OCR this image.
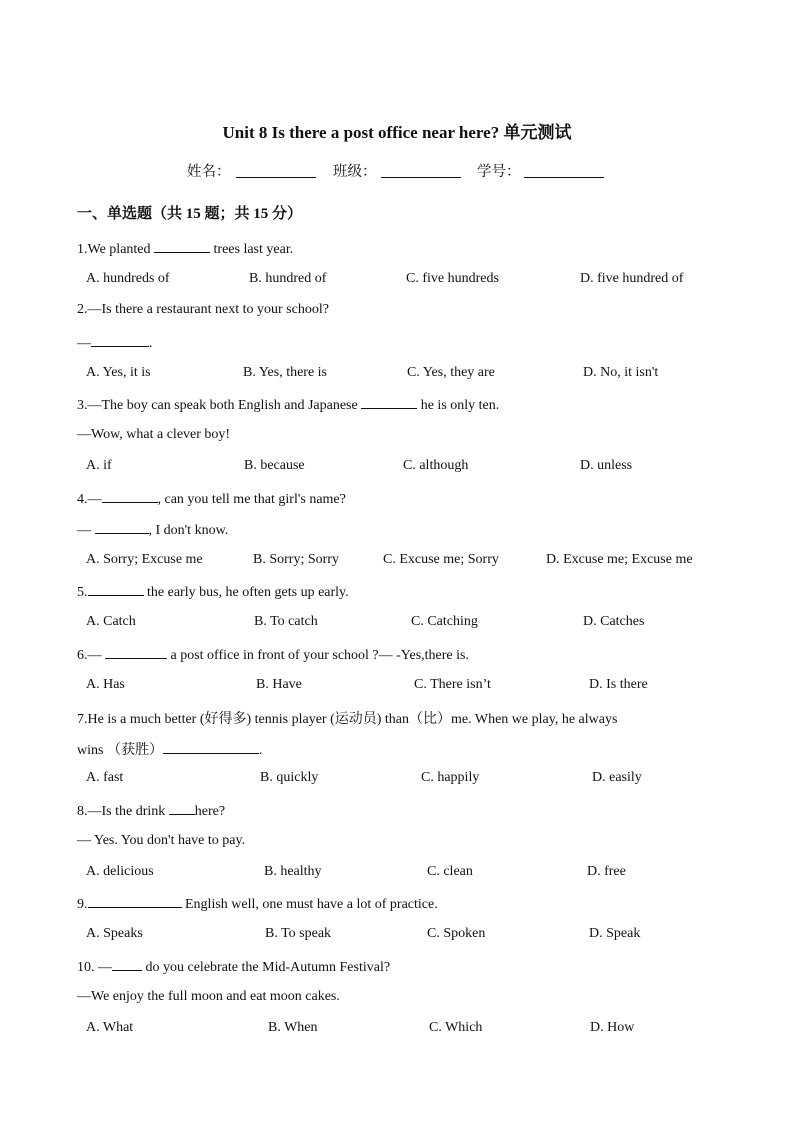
Unit 8 Is there a post office near here? 单元测试
姓名：	班级：	学号：
一、单选题（共 15 题；共 15 分）
1.We planted	trees last year.
A. hundreds of	B. hundred of	C. five hundreds	D. five hundred of
2.—Is there a restaurant next to your school?
—	.
A. Yes, it is	B. Yes, there is	C. Yes, they are	D. No, it isn't
3.—The boy can speak both English and Japanese	he is only ten.
—Wow, what a clever boy!
A. if	B. because	C. although	D. unless
4.—	, can you tell me that girl's name?
—	, I don't know.
A. Sorry; Excuse me	B. Sorry; Sorry	C. Excuse me; Sorry	D. Excuse me; Excuse me
5.	the early bus, he often gets up early.
A. Catch	B. To catch	C. Catching	D. Catches
6.—	a post office in front of your school ?— -Yes,there is.
A. Has	B. Have	C. There isn’t	D. Is there
7.He is a much better (好得多) tennis player (运动员) than（比）me. When we play, he always
wins （获胜）	.
A. fast	B. quickly	C. happily	D. easily
8.—Is the drink here?
— Yes. You don't have to pay.
A. delicious	B. healthy	C. clean	D. free
9.	English well, one must have a lot of practice.
A. Speaks	B. To speak	C. Spoken	D. Speak
10. — do you celebrate the Mid-Autumn Festival?
—We enjoy the full moon and eat moon cakes.
A. What	B. When	C. Which	D. How
